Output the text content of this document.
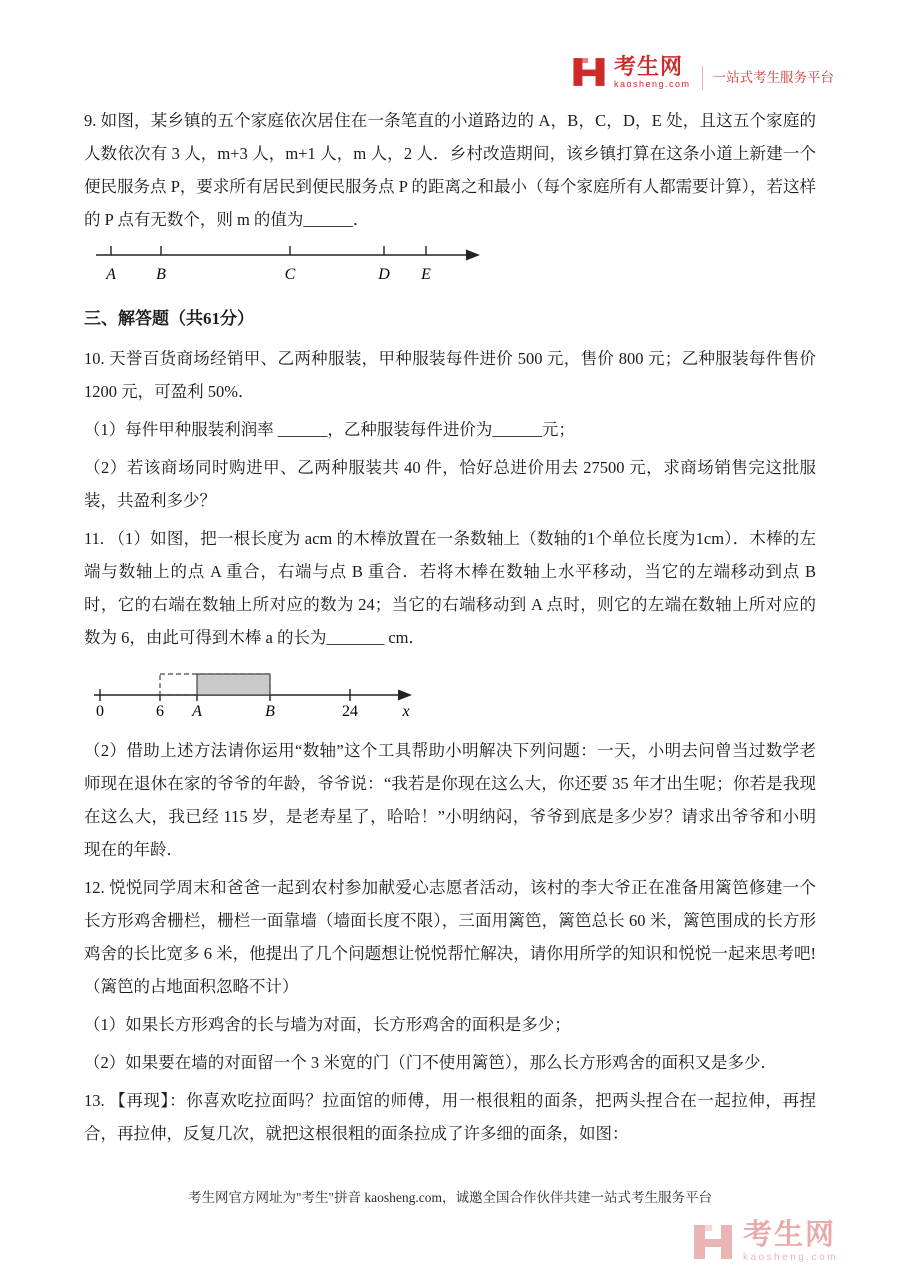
考生网
kaosheng.com	一站式考生服务平台

9. 如图，某乡镇的五个家庭依次居住在一条笔直的小道路边的 A，B，C，D，E 处，且这五个家庭的人数依次有 3 人，m+3 人，m+1 人，m 人，2 人．乡村改造期间，该乡镇打算在这条小道上新建一个便民服务点 P，要求所有居民到便民服务点 P 的距离之和最小（每个家庭所有人都需要计算），若这样的 P 点有无数个，则 m 的值为______．

A	B	C	D E
三、解答题（共61分）

10. 天誉百货商场经销甲、乙两种服装，甲种服装每件进价 500 元，售价 800 元；乙种服装每件售价 1200 元，可盈利 50%．

（1）每件甲种服装利润率 ______，乙种服装每件进价为______元；

（2）若该商场同时购进甲、乙两种服装共 40 件，恰好总进价用去 27500 元，求商场销售完这批服装，共盈利多少？

11. （1）如图，把一根长度为 acm 的木棒放置在一条数轴上（数轴的1个单位长度为1cm）．木棒的左端与数轴上的点 A 重合，右端与点 B 重合．若将木棒在数轴上水平移动，当它的左端移动到点 B 时，它的右端在数轴上所对应的数为 24；当它的右端移动到 A 点时，则它的左端在数轴上所对应的数为 6，由此可得到木棒 a 的长为_______ cm．

0	6 A	B	24	x

（2）借助上述方法请你运用“数轴”这个工具帮助小明解决下列问题：一天，小明去问曾当过数学老师现在退休在家的爷爷的年龄，爷爷说：“我若是你现在这么大，你还要 35 年才出生呢；你若是我现在这么大，我已经 115 岁，是老寿星了，哈哈！”小明纳闷，爷爷到底是多少岁？请求出爷爷和小明现在的年龄．

12. 悦悦同学周末和爸爸一起到农村参加献爱心志愿者活动，该村的李大爷正在准备用篱笆修建一个长方形鸡舍栅栏，栅栏一面靠墙（墙面长度不限），三面用篱笆，篱笆总长 60 米，篱笆围成的长方形鸡舍的长比宽多 6 米，他提出了几个问题想让悦悦帮忙解决，请你用所学的知识和悦悦一起来思考吧!（篱笆的占地面积忽略不计）

（1）如果长方形鸡舍的长与墙为对面，长方形鸡舍的面积是多少；

（2）如果要在墙的对面留一个 3 米宽的门（门不使用篱笆），那么长方形鸡舍的面积又是多少．

13. 【再现】：你喜欢吃拉面吗？拉面馆的师傅，用一根很粗的面条，把两头捏合在一起拉伸，再捏合，再拉伸，反复几次，就把这根很粗的面条拉成了许多细的面条，如图：

考生网官方网址为"考生"拼音 kaosheng.com，诚邀全国合作伙伴共建一站式考生服务平台
考生网
kaosheng.com
